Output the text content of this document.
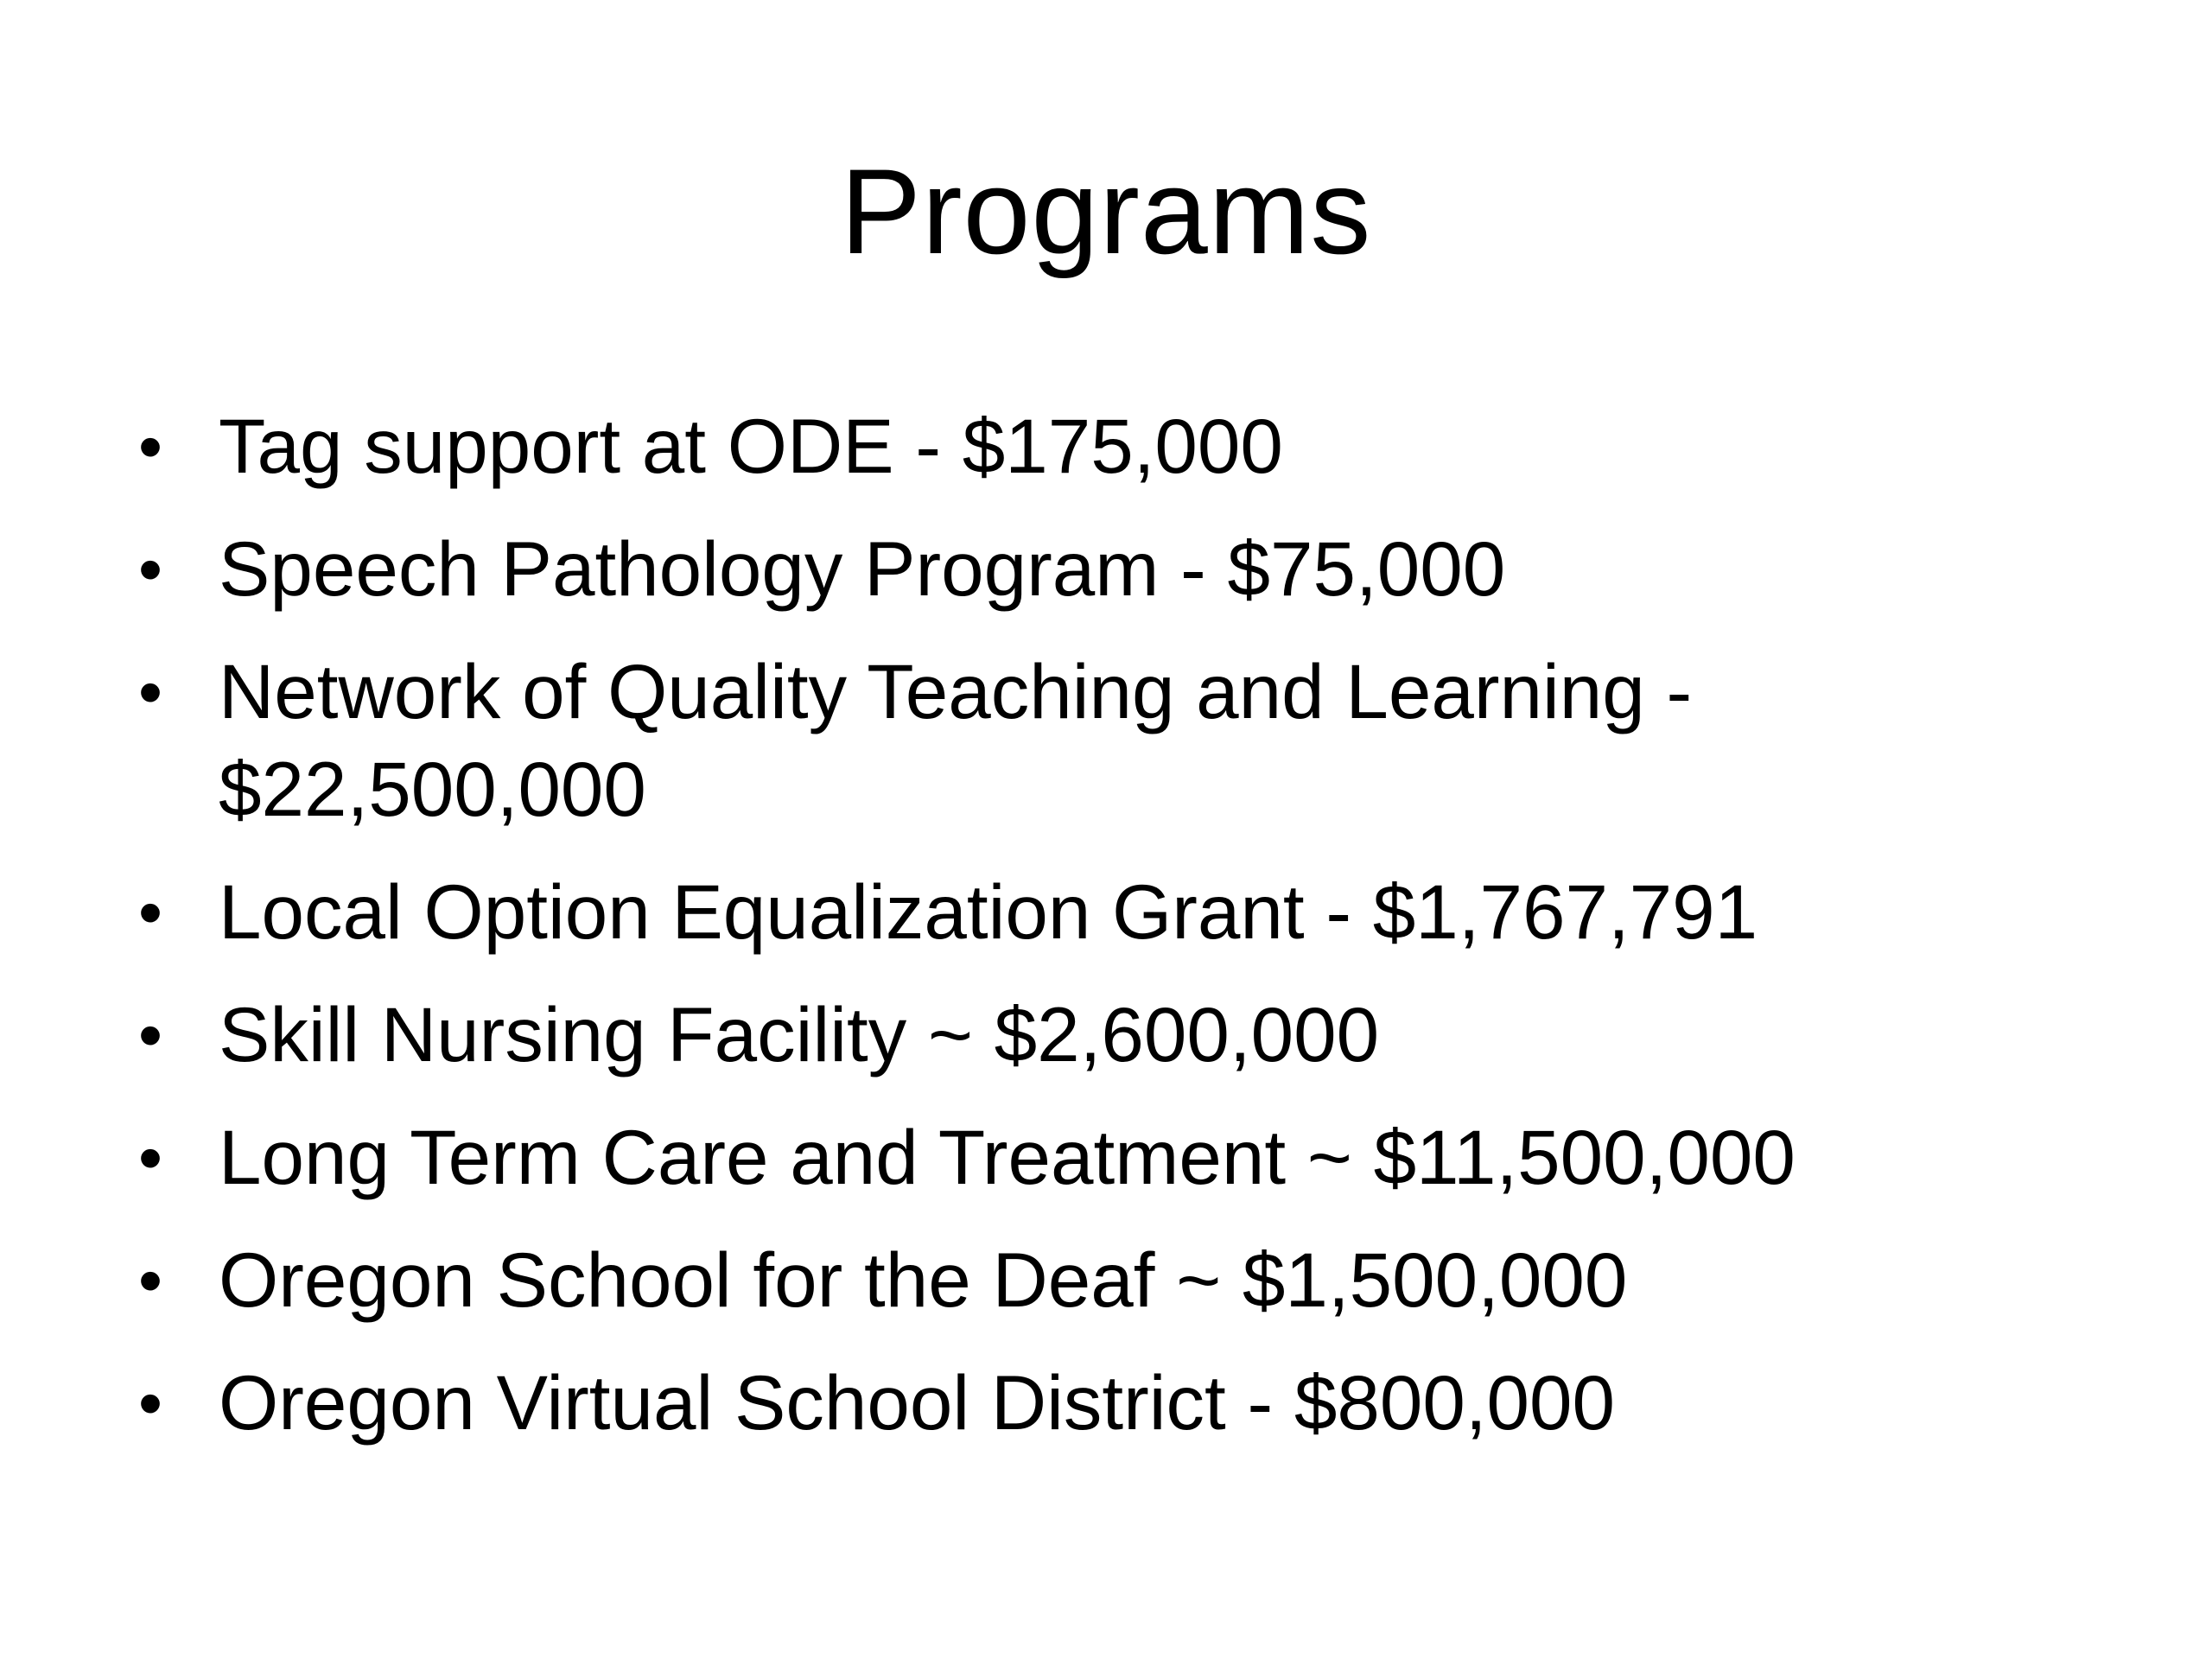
Programs
• Tag support at ODE - $175,000
• Speech Pathology Program - $75,000
• Network of Quality Teaching and Learning - $22,500,000
• Local Option Equalization Grant - $1,767,791
• Skill Nursing Facility ~ $2,600,000
• Long Term Care and Treatment ~ $11,500,000
• Oregon School for the Deaf ~ $1,500,000
• Oregon Virtual School District - $800,000
